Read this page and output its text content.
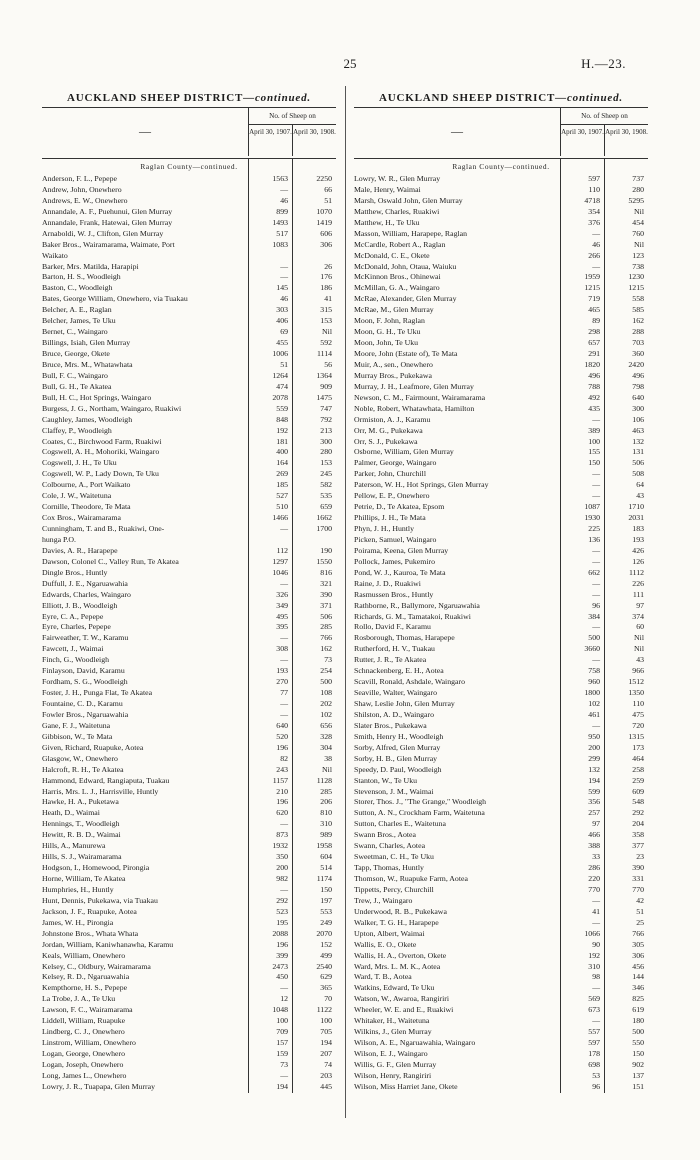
25	H.—23.
AUCKLAND SHEEP DISTRICT—continued.
—
No. of Sheep on
April 30, 1907. April 30, 1908.
Raglan County—continued.
Anderson, F. L., Pepepe	1563	2250
Andrew, John, Onewhero	—	66
Andrews, E. W., Onewhero	46	51
Annandale, A. F., Puehunui, Glen Murray	899	1070
Annandale, Frank, Hatewai, Glen Murray	1493	1419
Arnaboldi, W. J., Clifton, Glen Murray	517	606
Baker Bros., Wairamarama, Waimate, Port	1083	306
Waikato
Barker, Mrs. Matilda, Harapipi	—	26
Barton, H. S., Woodleigh	—	176
Baston, C., Woodleigh	145	186
Bates, George William, Onewhero, via Tuakau	46	41
Belcher, A. E., Raglan	303	315
Belcher, James, Te Uku	406	153
Bernet, C., Waingaro	69	Nil
Billings, Isiah, Glen Murray	455	592
Bruce, George, Okete	1006	1114
Bruce, Mrs. M., Whatawhata	51	56
Bull, F. C., Waingaro	1264	1364
Bull, G. H., Te Akatea	474	909
Bull, H. C., Hot Springs, Waingaro	2078	1475
Burgess, J. G., Northam, Waingaro, Ruakiwi	559	747
Caughley, James, Woodleigh	848	792
Claffey, P., Woodleigh	192	213
Coates, C., Birchwood Farm, Ruakiwi	181	300
Cogswell, A. H., Mohoriki, Waingaro	400	280
Cogswell, J. H., Te Uku	164	153
Cogswell, W. P., Lady Down, Te Uku	269	245
Colbourne, A., Port Waikato	185	582
Cole, J. W., Waitetuna	527	535
Cornille, Theodore, Te Mata	510	659
Cox Bros., Wairamarama	1466	1662
Cunningham, T. and B., Ruakiwi, One-	—	1700
hunga P.O.
Davies, A. R., Harapepe	112	190
Dawson, Colonel C., Valley Run, Te Akatea	1297	1550
Dingle Bros., Huntly	1046	816
Duffull, J. E., Ngaruawahia	—	321
Edwards, Charles, Waingaro	326	390
Elliott, J. B., Woodleigh	349	371
Eyre, C. A., Pepepe	495	506
Eyre, Charles, Pepepe	395	285
Fairweather, T. W., Karamu	—	766
Fawcett, J., Waimai	308	162
Finch, G., Woodleigh	—	73
Finlayson, David, Karamu	193	254
Fordham, S. G., Woodleigh	270	500
Foster, J. H., Punga Flat, Te Akatea	77	108
Fountaine, C. D., Karamu	—	202
Fowler Bros., Ngaruawahia	—	102
Gane, F. J., Waitetuna	640	656
Gibbison, W., Te Mata	520	328
Given, Richard, Ruapuke, Aotea	196	304
Glasgow, W., Onewhero	82	38
Halcroft, R. H., Te Akatea	243	Nil
Hammond, Edward, Rangiaputa, Tuakau	1157	1128
Harris, Mrs. L. J., Harrisville, Huntly	210	285
Hawke, H. A., Puketawa	196	206
Heath, D., Waimai	620	810
Hennings, T., Woodleigh	—	310
Hewitt, R. B. D., Waimai	873	989
Hills, A., Manurewa	1932	1958
Hills, S. J., Wairamarama	350	604
Hodgson, I., Homewood, Pirongia	200	514
Horne, William, Te Akatea	982	1174
Humphries, H., Huntly	—	150
Hunt, Dennis, Pukekawa, via Tuakau	292	197
Jackson, J. F., Ruapuke, Aotea	523	553
James, W. H., Pirongia	195	249
Johnstone Bros., Whata Whata	2088	2070
Jordan, William, Kaniwhanawha, Karamu	196	152
Keals, William, Onewhero	399	499
Kelsey, C., Oldbury, Wairamarama	2473	2540
Kelsey, R. D., Ngaruawahia	450	629
Kempthorne, H. S., Pepepe	—	365
La Trobe, J. A., Te Uku	12	70
Lawson, F. C., Wairamarama	1048	1122
Liddell, William, Ruapuke	100	100
Lindberg, C. J., Onewhero	709	705
Linstrom, William, Onewhero	157	194
Logan, George, Onewhero	159	207
Logan, Joseph, Onewhero	73	74
Long, James L., Onewhero	—	203
Lowry, J. R., Tuapapa, Glen Murray	194	445
AUCKLAND SHEEP DISTRICT—continued.
—
No. of Sheep on
April 30, 1907. April 30, 1908.
Raglan County—continued.
Lowry, W. R., Glen Murray	597	737
Male, Henry, Waimai	110	280
Marsh, Oswald John, Glen Murray	4718	5295
Matthew, Charles, Ruakiwi	354	Nil
Matthew, H., Te Uku	376	454
Masson, William, Harapepe, Raglan	—	760
McCardle, Robert A., Raglan	46	Nil
McDonald, C. E., Okete	266	123
McDonald, John, Otaua, Waiuku	—	738
McKinnon Bros., Ohinewai	1959	1230
McMillan, G. A., Waingaro	1215	1215
McRae, Alexander, Glen Murray	719	558
McRae, M., Glen Murray	465	585
Moon, F. John, Raglan	89	162
Moon, G. H., Te Uku	298	288
Moon, John, Te Uku	657	703
Moore, John (Estate of), Te Mata	291	360
Muir, A., sen., Onewhero	1820	2420
Murray Bros., Pukekawa	496	496
Murray, J. H., Leafmore, Glen Murray	788	798
Newson, C. M., Fairmount, Wairamarama	492	640
Noble, Robert, Whatawhata, Hamilton	435	300
Ormiston, A. J., Karamu	—	106
Orr, M. G., Pukekawa	389	463
Orr, S. J., Pukekawa	100	132
Osborne, William, Glen Murray	155	131
Palmer, George, Waingaro	150	506
Parker, John, Churchill	—	508
Paterson, W. H., Hot Springs, Glen Murray	—	64
Pellow, E. P., Onewhero	—	43
Petrie, D., Te Akatea, Epsom	1087	1710
Phillips, J. H., Te Mata	1930	2031
Phyn, J. H., Huntly	225	183
Picken, Samuel, Waingaro	136	193
Poirama, Keena, Glen Murray	—	426
Pollock, James, Pukemiro	—	126
Pond, W. J., Kauroa, Te Mata	662	1112
Raine, J. D., Ruakiwi	—	226
Rasmussen Bros., Huntly	—	111
Rathborne, R., Ballymore, Ngaruawahia	96	97
Richards, G. M., Tamatakoi, Ruakiwi	384	374
Rollo, David F., Karamu	—	60
Rosborough, Thomas, Harapepe	500	Nil
Rutherford, H. V., Tuakau	3660	Nil
Rutter, J. R., Te Akatea	—	43
Schnackenberg, E. H., Aotea	758	966
Scavill, Ronald, Ashdale, Waingaro	960	1512
Seaville, Walter, Waingaro	1800	1350
Shaw, Leslie John, Glen Murray	102	110
Shilston, A. D., Waingaro	461	475
Slater Bros., Pukekawa	—	720
Smith, Henry H., Woodleigh	950	1315
Sorby, Alfred, Glen Murray	200	173
Sorby, H. B., Glen Murray	299	464
Speedy, D. Paul, Woodleigh	132	258
Stanton, W., Te Uku	194	259
Stevenson, J. M., Waimai	599	609
Storer, Thos. J., "The Grange," Woodleigh	356	548
Sutton, A. N., Crockham Farm, Waitetuna	257	292
Sutton, Charles E., Waitetuna	97	204
Swann Bros., Aotea	466	358
Swann, Charles, Aotea	388	377
Sweetman, C. H., Te Uku	33	23
Tapp, Thomas, Huntly	286	390
Thomson, W., Ruapuke Farm, Aotea	220	331
Tippetts, Percy, Churchill	770	770
Trew, J., Waingaro	—	42
Underwood, R. B., Pukekawa	41	51
Walker, T. G. H., Harapepe	—	25
Upton, Albert, Waimai	1066	766
Wallis, E. O., Okete	90	305
Wallis, H. A., Overton, Okete	192	306
Ward, Mrs. L. M. K., Aotea	310	456
Ward, T. B., Aotea	98	144
Watkins, Edward, Te Uku	—	346
Watson, W., Awaroa, Rangiriri	569	825
Wheeler, W. E. and E., Ruakiwi	673	619
Whitaker, H., Waitetuna	—	180
Wilkins, J., Glen Murray	557	500
Wilson, A. E., Ngaruawahia, Waingaro	597	550
Wilson, E. J., Waingaro	178	150
Willis, G. F., Glen Murray	698	902
Wilson, Henry, Rangiriri	53	137
Wilson, Miss Harriet Jane, Okete	96	151
